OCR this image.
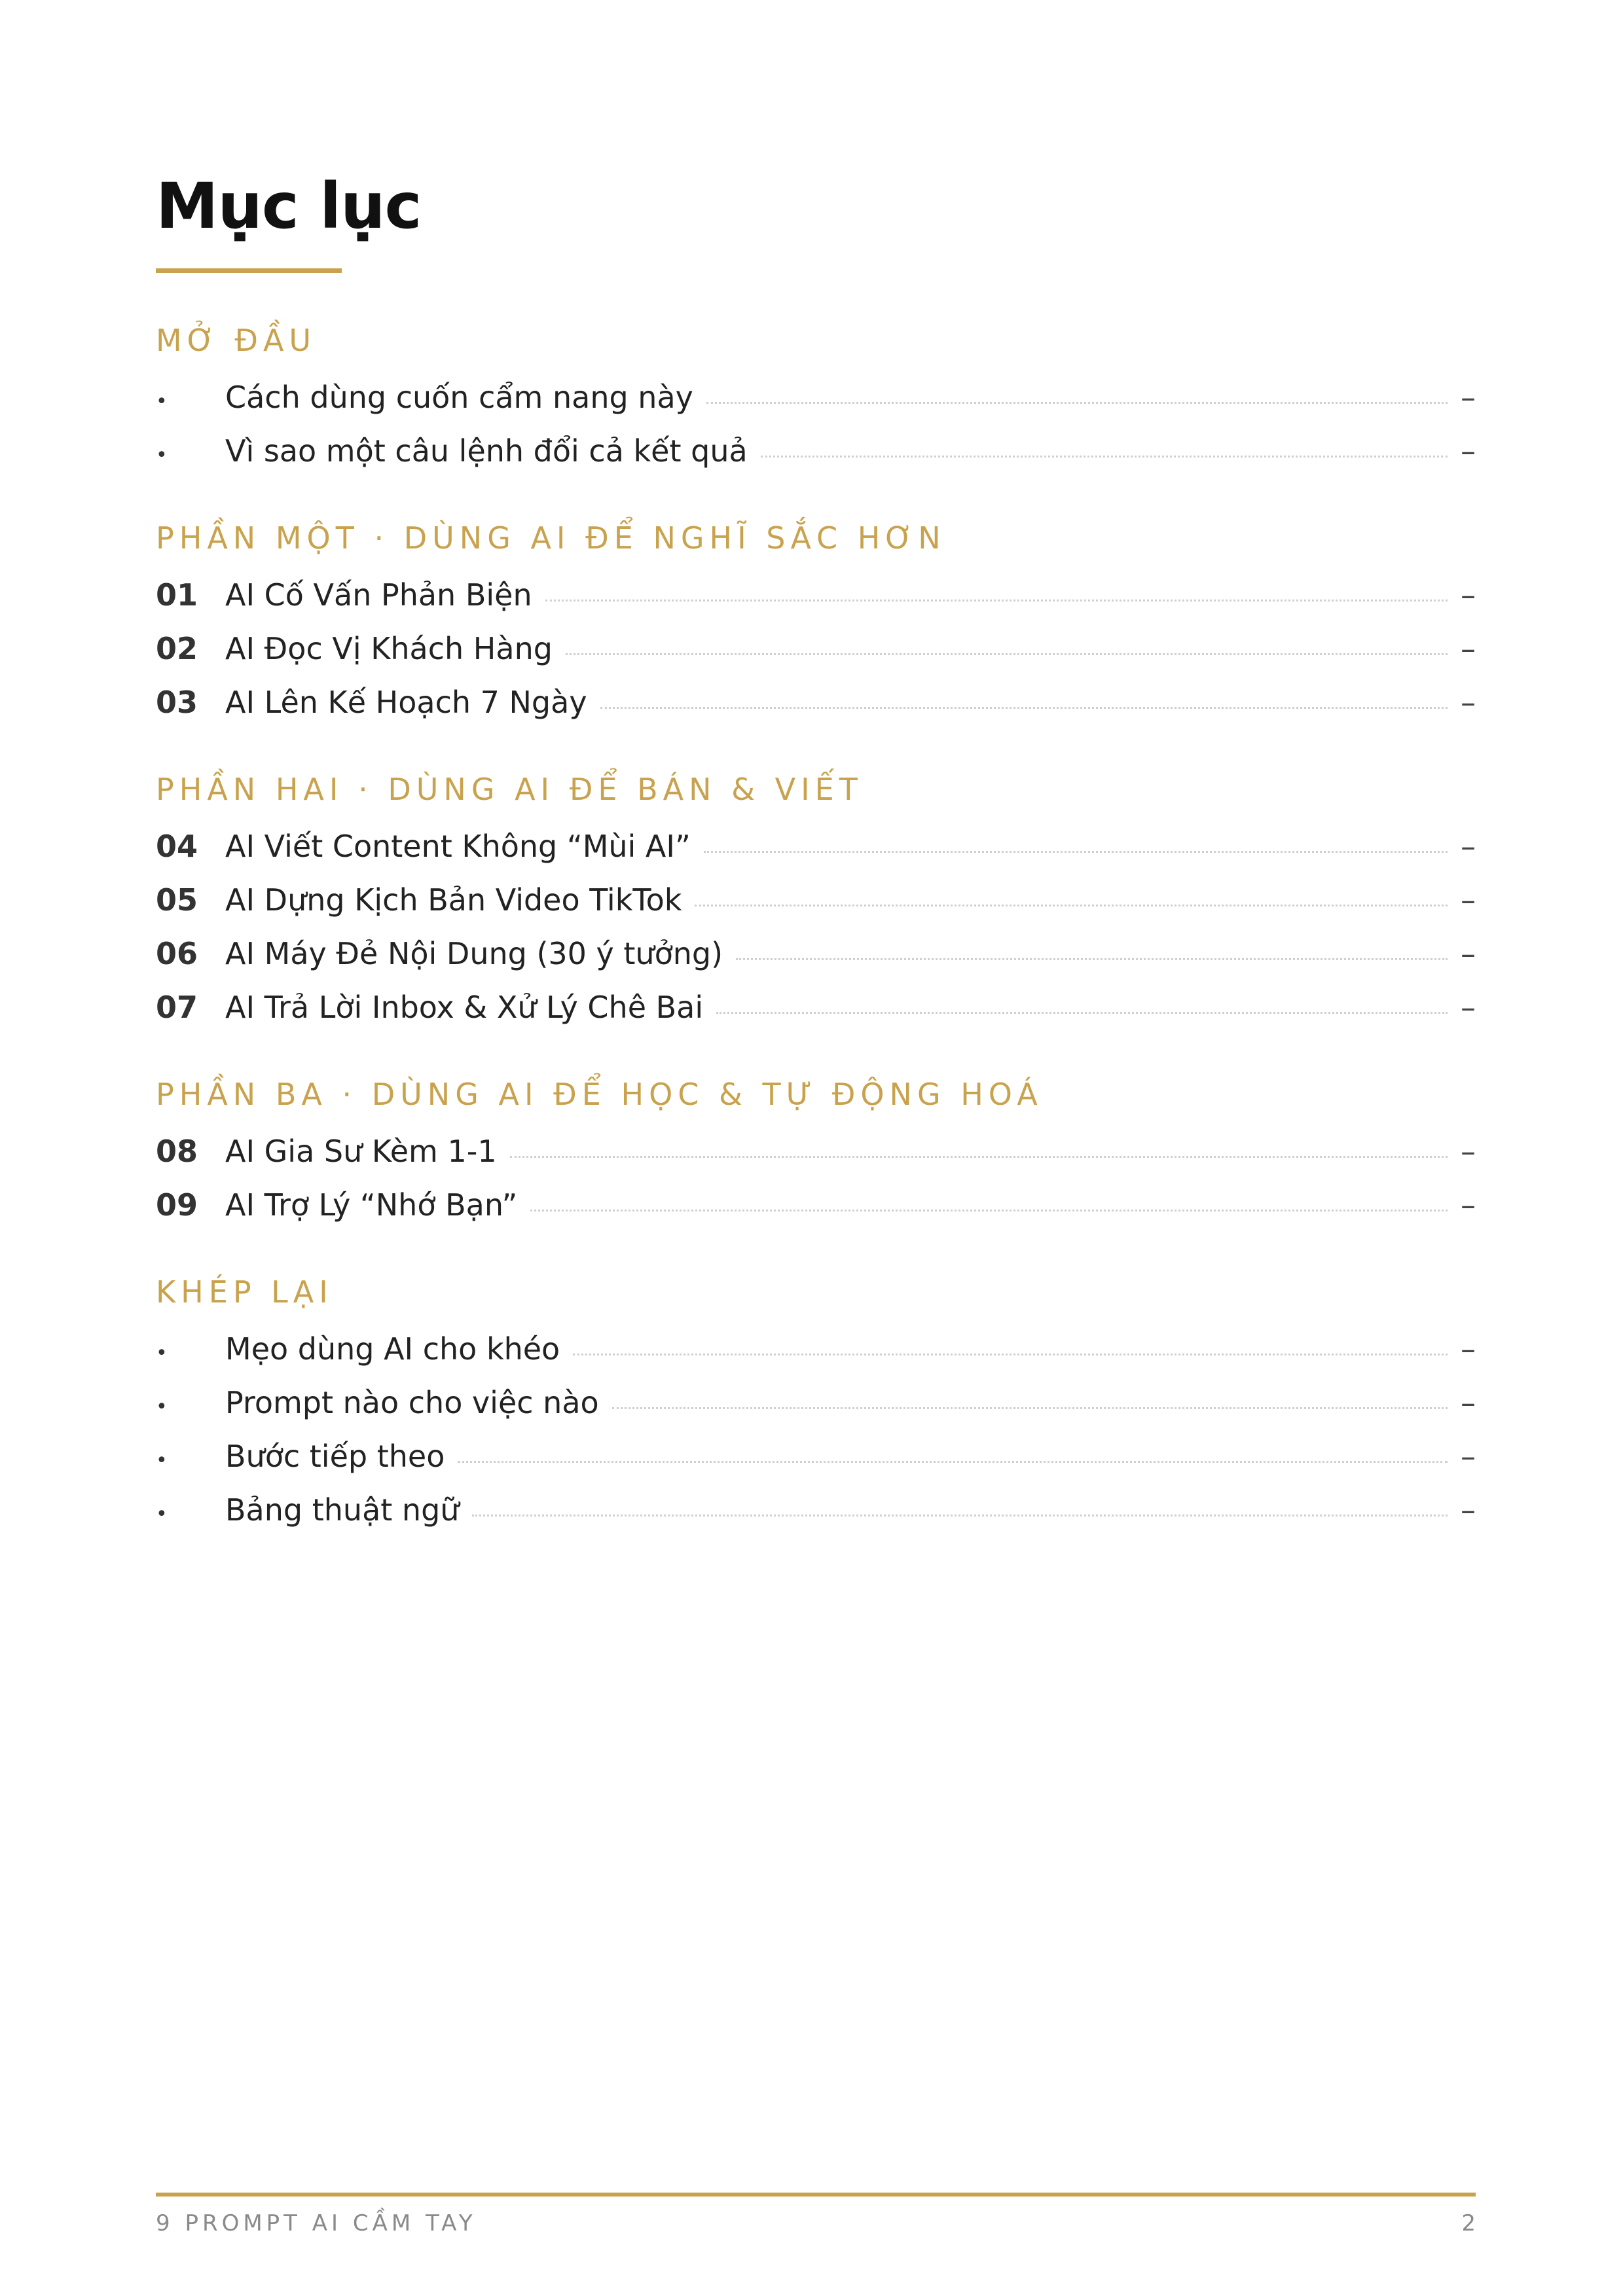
Mục lục
MỞ ĐẦU
•	Cách dùng cuốn cẩm nang này	–
•	Vì sao một câu lệnh đổi cả kết quả	–
PHẦN MỘT · DÙNG AI ĐỂ NGHĨ SẮC HƠN
01 AI Cố Vấn Phản Biện	–
02 AI Đọc Vị Khách Hàng	–
03 AI Lên Kế Hoạch 7 Ngày	–
PHẦN HAI · DÙNG AI ĐỂ BÁN & VIẾT
04 AI Viết Content Không “Mùi AI”	–
05 AI Dựng Kịch Bản Video TikTok	–
06 AI Máy Đẻ Nội Dung (30 ý tưởng)	–
07 AI Trả Lời Inbox & Xử Lý Chê Bai	–
PHẦN BA · DÙNG AI ĐỂ HỌC & TỰ ĐỘNG HOÁ
08 AI Gia Sư Kèm 1-1	–
09 AI Trợ Lý “Nhớ Bạn”	–
KHÉP LẠI
•	Mẹo dùng AI cho khéo	–
•	Prompt nào cho việc nào	–
•	Bước tiếp theo	–
•	Bảng thuật ngữ	–
9 PROMPT AI CẦM TAY	2
